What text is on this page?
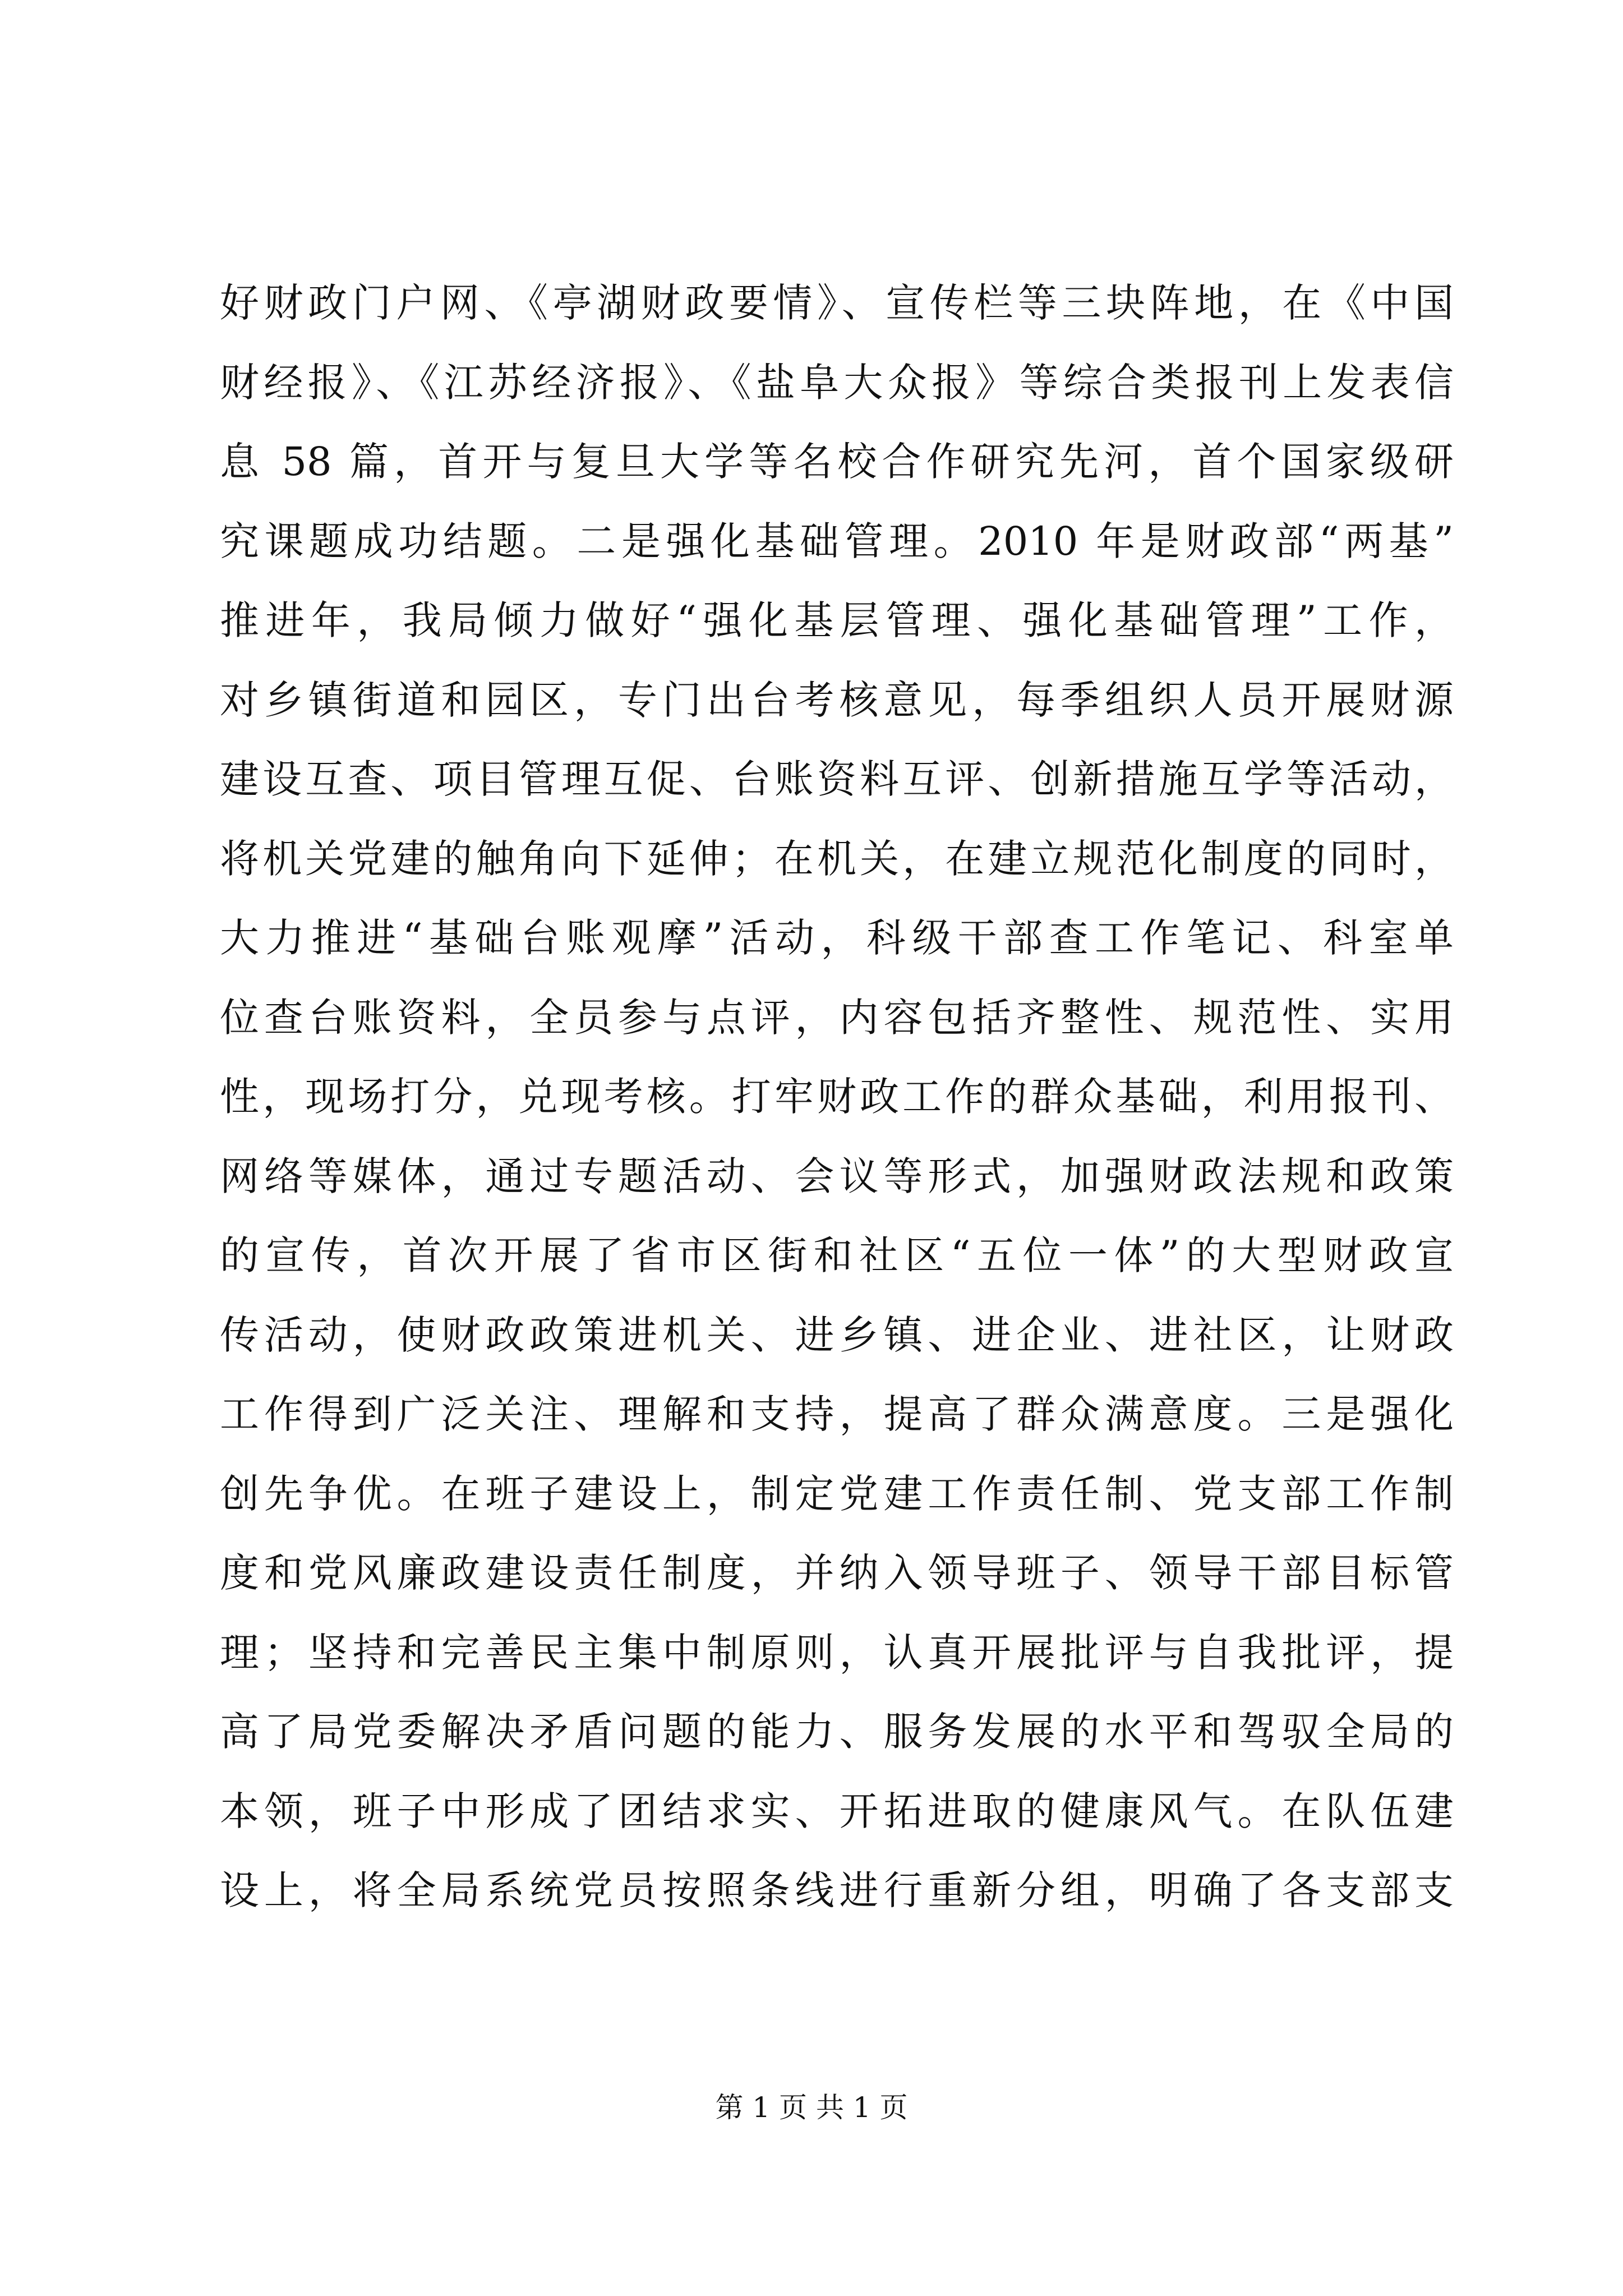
好财政门户网、《亭湖财政要情》、宣传栏等三块阵地，在《中国
财经报》、《江苏经济报》、《盐阜大众报》等综合类报刊上发表信
息 58 篇，首开与复旦大学等名校合作研究先河，首个国家级研
究课题成功结题。二是强化基础管理。2010 年是财政部“两基”
推进年，我局倾力做好“强化基层管理、强化基础管理”工作，
对乡镇街道和园区，专门出台考核意见，每季组织人员开展财源
建设互查、项目管理互促、台账资料互评、创新措施互学等活动，
将机关党建的触角向下延伸；在机关，在建立规范化制度的同时，
大力推进“基础台账观摩”活动，科级干部查工作笔记、科室单
位查台账资料，全员参与点评，内容包括齐整性、规范性、实用
性，现场打分，兑现考核。打牢财政工作的群众基础，利用报刊、
网络等媒体，通过专题活动、会议等形式，加强财政法规和政策
的宣传，首次开展了省市区街和社区“五位一体”的大型财政宣
传活动，使财政政策进机关、进乡镇、进企业、进社区，让财政
工作得到广泛关注、理解和支持，提高了群众满意度。三是强化
创先争优。在班子建设上，制定党建工作责任制、党支部工作制
度和党风廉政建设责任制度，并纳入领导班子、领导干部目标管
理；坚持和完善民主集中制原则，认真开展批评与自我批评，提
高了局党委解决矛盾问题的能力、服务发展的水平和驾驭全局的
本领，班子中形成了团结求实、开拓进取的健康风气。在队伍建
设上，将全局系统党员按照条线进行重新分组，明确了各支部支
第 1 页 共 1 页
